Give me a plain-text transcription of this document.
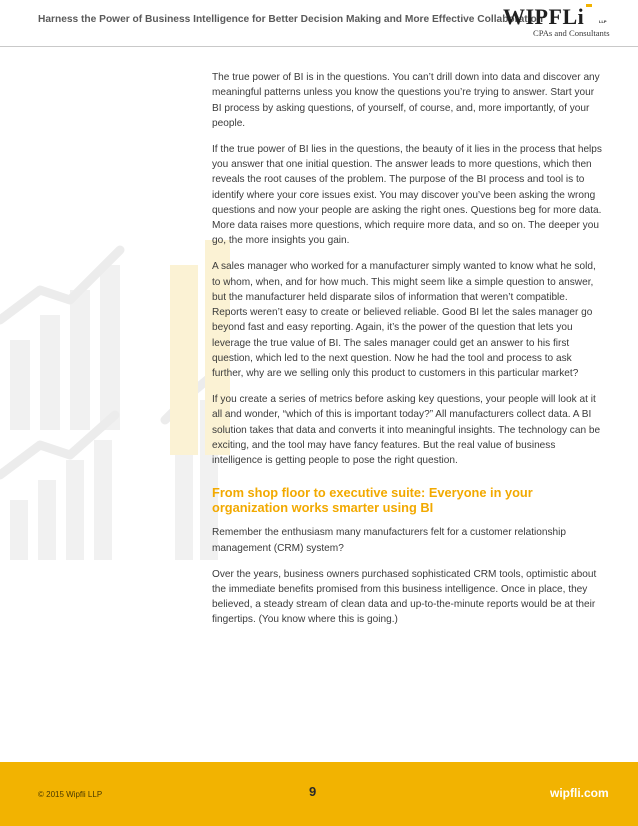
Harness the Power of Business Intelligence for Better Decision Making and More Effective Collaboration
WIPFLi	LLP
CPAs and Consultants

The true power of BI is in the questions. You can’t drill down into data and discover any meaningful patterns unless you know the questions you’re trying to answer. Start your BI process by asking questions, of yourself, of course, and, more importantly, of your people.

If the true power of BI lies in the questions, the beauty of it lies in the process that helps you answer that one initial question. The answer leads to more questions, which then reveals the root causes of the problem. The purpose of the BI process and tool is to identify where your core issues exist. You may discover you’ve been asking the wrong questions and now your people are asking the right ones. Questions beg for more data. More data raises more questions, which require more data, and so on. The deeper you go, the more insights you gain.

A sales manager who worked for a manufacturer simply wanted to know what he sold, to whom, when, and for how much. This might seem like a simple question to answer, but the manufacturer held disparate silos of information that weren’t compatible. Reports weren’t easy to create or believed reliable. Good BI let the sales manager go beyond fast and easy reporting. Again, it’s the power of the question that lets you leverage the true value of BI. The sales manager could get an answer to his first question, which led to the next question. Now he had the tool and process to ask further, why are we selling only this product to customers in this particular market?

If you create a series of metrics before asking key questions, your people will look at it all and wonder, “which of this is important today?” All manufacturers collect data. A BI solution takes that data and converts it into meaningful insights. The technology can be exciting, and the tool may have fancy features. But the real value of business intelligence is getting people to pose the right question.

From shop floor to executive suite: Everyone in your organization works smarter using BI

Remember the enthusiasm many manufacturers felt for a customer relationship management (CRM) system?

Over the years, business owners purchased sophisticated CRM tools, optimistic about the immediate benefits promised from this business intelligence. Once in place, they believed, a steady stream of clean data and up-to-the-minute reports would be at their fingertips. (You know where this is going.)

© 2015 Wipfli LLP	9	wipfli.com
